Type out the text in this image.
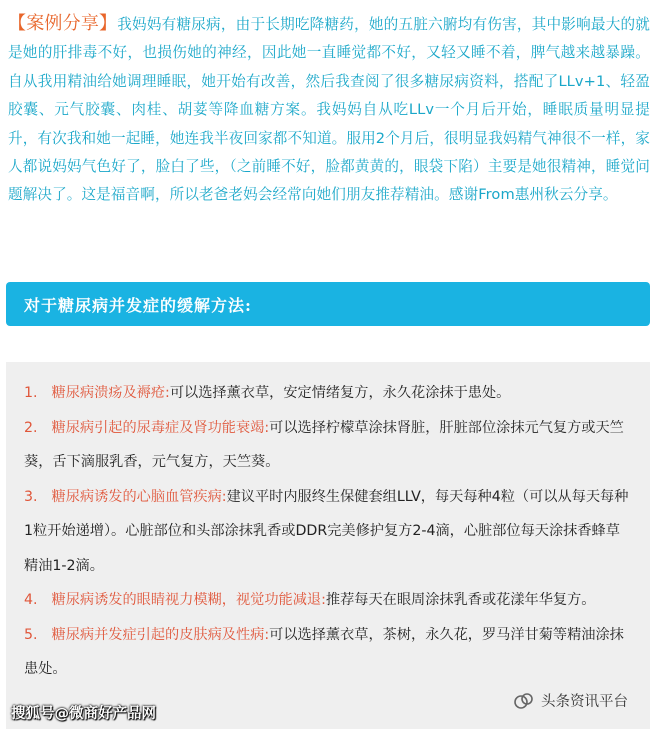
【案例分享】我妈妈有糖尿病，由于长期吃降糖药，她的五脏六腑均有伤害，其中影响最大的就是她的肝排毒不好，也损伤她的神经，因此她一直睡觉都不好，又轻又睡不着，脾气越来越暴躁。自从我用精油给她调理睡眠，她开始有改善，然后我查阅了很多糖尿病资料，搭配了LLv+1、轻盈胶囊、元气胶囊、肉桂、胡荽等降血糖方案。我妈妈自从吃LLv一个月后开始，睡眠质量明显提升，有次我和她一起睡，她连我半夜回家都不知道。服用2个月后，很明显我妈精气神很不一样，家人都说妈妈气色好了，脸白了些，（之前睡不好，脸都黄黄的，眼袋下陷）主要是她很精神，睡觉问题解决了。这是福音啊，所以老爸老妈会经常向她们朋友推荐精油。感谢From惠州秋云分享。
对于糖尿病并发症的缓解方法:
1. 糖尿病溃疡及褥疮:可以选择薰衣草，安定情绪复方，永久花涂抹于患处。
2. 糖尿病引起的尿毒症及肾功能衰竭:可以选择柠檬草涂抹肾脏，肝脏部位涂抹元气复方或天竺葵，舌下滴服乳香，元气复方，天竺葵。
3. 糖尿病诱发的心脑血管疾病:建议平时内服终生保健套组LLV，每天每种4粒（可以从每天每种1粒开始递增）。心脏部位和头部涂抹乳香或DDR完美修护复方2-4滴，心脏部位每天涂抹香蜂草精油1-2滴。
4. 糖尿病诱发的眼睛视力模糊，视觉功能减退:推荐每天在眼周涂抹乳香或花漾年华复方。
5. 糖尿病并发症引起的皮肤病及性病:可以选择薰衣草，茶树，永久花，罗马洋甘菊等精油涂抹患处。
搜狐号@微商好产品网
头条资讯平台
